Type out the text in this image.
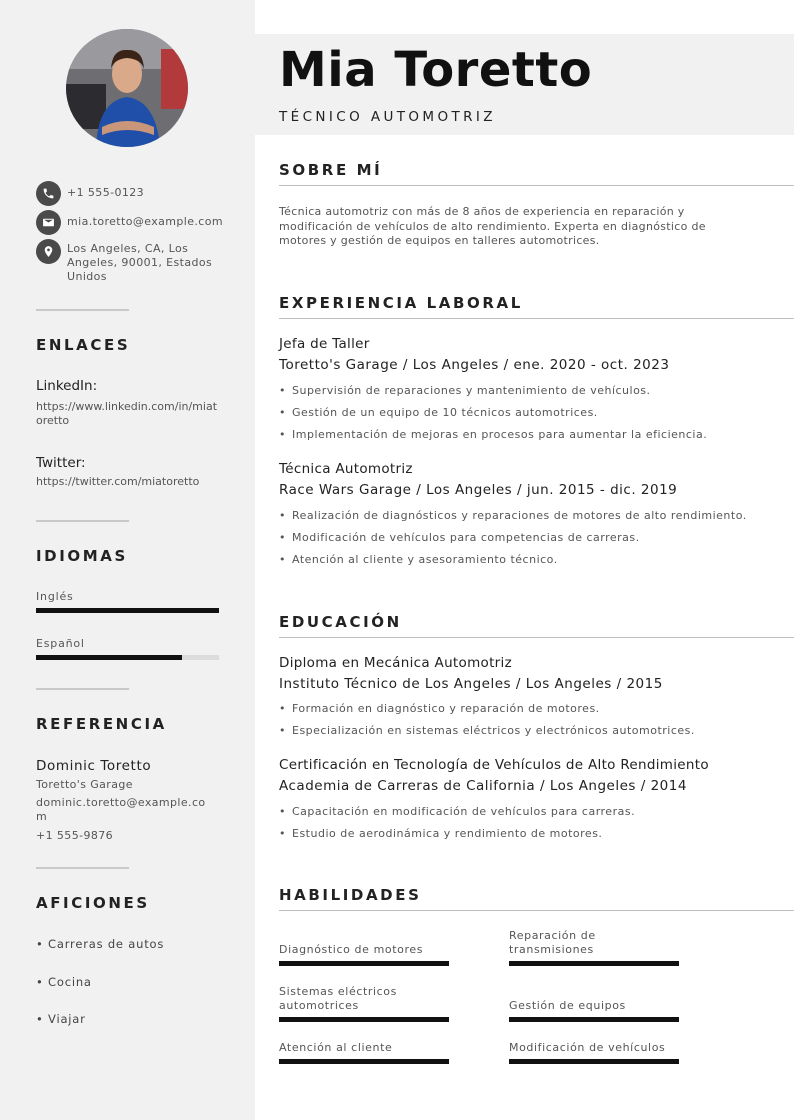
+1 555-0123
mia.toretto@example.com
Los Angeles, CA, Los Angeles, 90001, Estados Unidos
ENLACES
LinkedIn:
https://www.linkedin.com/in/miatoretto
Twitter:
https://twitter.com/miatoretto
IDIOMAS
Inglés
Español
REFERENCIA
Dominic Toretto
Toretto's Garage
dominic.toretto@example.com
+1 555-9876
AFICIONES
• Carreras de autos
• Cocina
• Viajar
Mia Toretto
TÉCNICO AUTOMOTRIZ
SOBRE MÍ
Técnica automotriz con más de 8 años de experiencia en reparación y modificación de vehículos de alto rendimiento. Experta en diagnóstico de motores y gestión de equipos en talleres automotrices.
EXPERIENCIA LABORAL
Jefa de Taller
Toretto's Garage / Los Angeles / ene. 2020 - oct. 2023
• Supervisión de reparaciones y mantenimiento de vehículos.
• Gestión de un equipo de 10 técnicos automotrices.
• Implementación de mejoras en procesos para aumentar la eficiencia.
Técnica Automotriz
Race Wars Garage / Los Angeles / jun. 2015 - dic. 2019
• Realización de diagnósticos y reparaciones de motores de alto rendimiento.
• Modificación de vehículos para competencias de carreras.
• Atención al cliente y asesoramiento técnico.
EDUCACIÓN
Diploma en Mecánica Automotriz
Instituto Técnico de Los Angeles / Los Angeles / 2015
• Formación en diagnóstico y reparación de motores.
• Especialización en sistemas eléctricos y electrónicos automotrices.
Certificación en Tecnología de Vehículos de Alto Rendimiento
Academia de Carreras de California / Los Angeles / 2014
• Capacitación en modificación de vehículos para carreras.
• Estudio de aerodinámica y rendimiento de motores.
HABILIDADES
Diagnóstico de motores
Reparación de transmisiones
Sistemas eléctricos automotrices	Gestión de equipos
Atención al cliente	Modificación de vehículos
